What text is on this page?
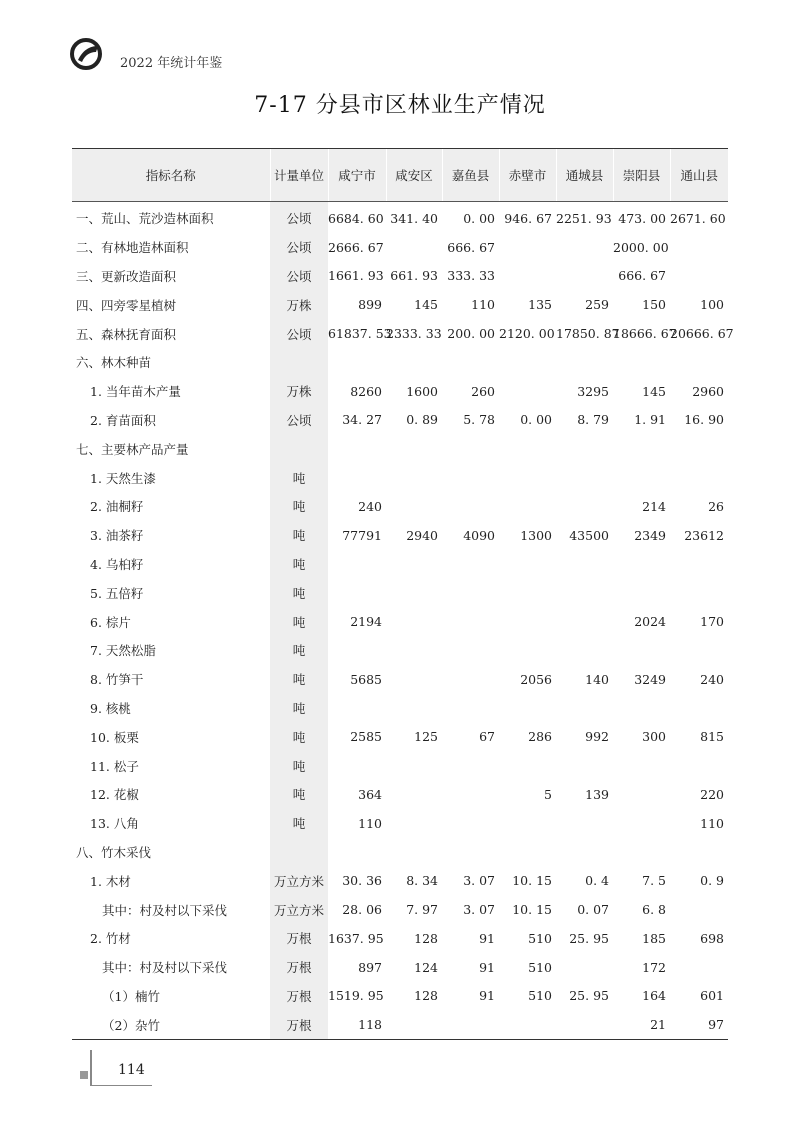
2022 年统计年鉴
7-17 分县市区林业生产情况
指标名称	计量单位	咸宁市	咸安区	嘉鱼县	赤壁市	通城县	崇阳县	通山县
一、荒山、荒沙造林面积	公顷	6684. 60	341. 40	0. 00	946. 67	2251. 93	473. 00	2671. 60
二、有林地造林面积	公顷	2666. 67		666. 67			2000. 00	
三、更新改造面积	公顷	1661. 93	661. 93	333. 33			666. 67	
四、四旁零星植树	万株	899	145	110	135	259	150	100
五、森林抚育面积	公顷	61837. 53	2333. 33	200. 00	2120. 00	17850. 87	18666. 67	20666. 67
六、林木种苗								
1. 当年苗木产量	万株	8260	1600	260		3295	145	2960
2. 育苗面积	公顷	34. 27	0. 89	5. 78	0. 00	8. 79	1. 91	16. 90
七、主要林产品产量								
1. 天然生漆	吨							
2. 油桐籽	吨	240					214	26
3. 油茶籽	吨	77791	2940	4090	1300	43500	2349	23612
4. 乌桕籽	吨							
5. 五倍籽	吨							
6. 棕片	吨	2194					2024	170
7. 天然松脂	吨							
8. 竹笋干	吨	5685			2056	140	3249	240
9. 核桃	吨							
10. 板栗	吨	2585	125	67	286	992	300	815
11. 松子	吨							
12. 花椒	吨	364			5	139		220
13. 八角	吨	110						110
八、竹木采伐								
1. 木材	万立方米	30. 36	8. 34	3. 07	10. 15	0. 4	7. 5	0. 9
其中：村及村以下采伐	万立方米	28. 06	7. 97	3. 07	10. 15	0. 07	6. 8	
2. 竹材	万根	1637. 95	128	91	510	25. 95	185	698
其中：村及村以下采伐	万根	897	124	91	510		172	
（1）楠竹	万根	1519. 95	128	91	510	25. 95	164	601
（2）杂竹	万根	118					21	97
114
